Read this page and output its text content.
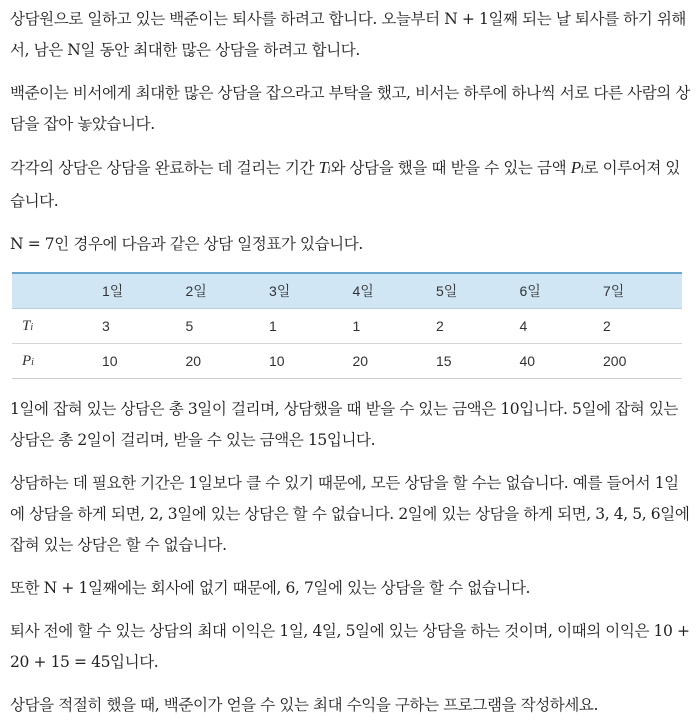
상담원으로 일하고 있는 백준이는 퇴사를 하려고 합니다. 오늘부터 N + 1일째 되는 날 퇴사를 하기 위해서, 남은 N일 동안 최대한 많은 상담을 하려고 합니다.

백준이는 비서에게 최대한 많은 상담을 잡으라고 부탁을 했고, 비서는 하루에 하나씩 서로 다른 사람의 상담을 잡아 놓았습니다.

각각의 상담은 상담을 완료하는 데 걸리는 기간 Ti와 상담을 했을 때 받을 수 있는 금액 Pi로 이루어져 있습니다.

N = 7인 경우에 다음과 같은 상담 일정표가 있습니다.

	1일	2일	3일	4일	5일	6일	7일
Ti	3	5	1	1	2	4	2
Pi	10	20	10	20	15	40	200

1일에 잡혀 있는 상담은 총 3일이 걸리며, 상담했을 때 받을 수 있는 금액은 10입니다. 5일에 잡혀 있는 상담은 총 2일이 걸리며, 받을 수 있는 금액은 15입니다.

상담하는 데 필요한 기간은 1일보다 클 수 있기 때문에, 모든 상담을 할 수는 없습니다. 예를 들어서 1일에 상담을 하게 되면, 2, 3일에 있는 상담은 할 수 없습니다. 2일에 있는 상담을 하게 되면, 3, 4, 5, 6일에 잡혀 있는 상담은 할 수 없습니다.

또한 N + 1일째에는 회사에 없기 때문에, 6, 7일에 있는 상담을 할 수 없습니다.

퇴사 전에 할 수 있는 상담의 최대 이익은 1일, 4일, 5일에 있는 상담을 하는 것이며, 이때의 이익은 10 + 20 + 15 = 45입니다.

상담을 적절히 했을 때, 백준이가 얻을 수 있는 최대 수익을 구하는 프로그램을 작성하세요.
